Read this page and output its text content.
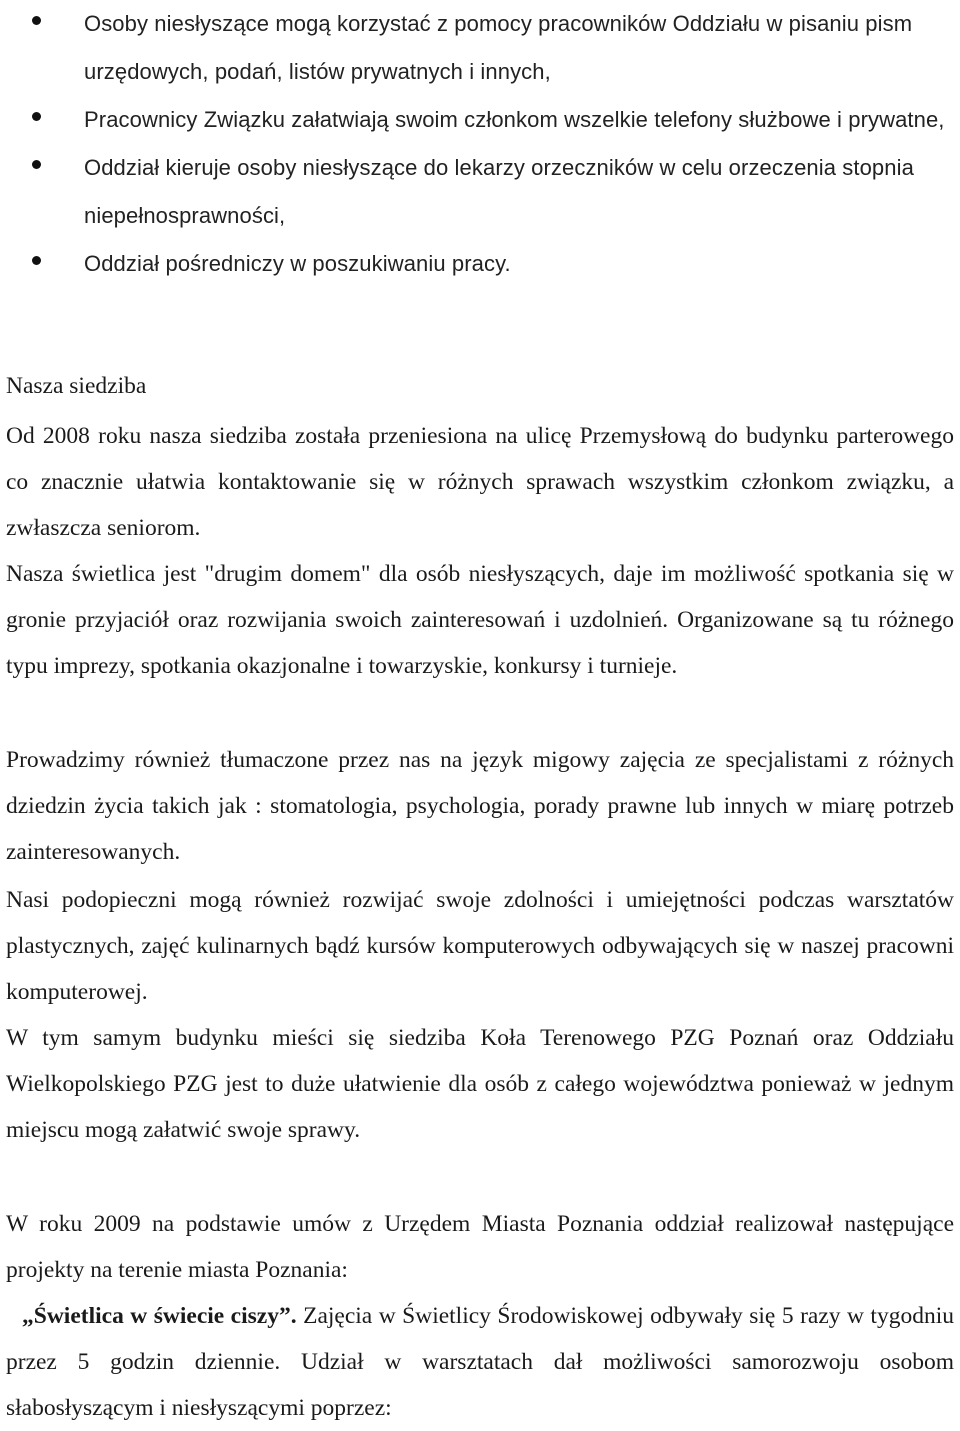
Osoby niesłyszące mogą korzystać z pomocy pracowników Oddziału w pisaniu pism urzędowych, podań, listów prywatnych i innych,
Pracownicy Związku załatwiają swoim członkom wszelkie telefony służbowe i prywatne,
Oddział kieruje osoby niesłyszące do lekarzy orzeczników w celu orzeczenia stopnia niepełnosprawności,
Oddział pośredniczy w poszukiwaniu pracy.

Nasza siedziba

Od 2008 roku nasza siedziba została przeniesiona na ulicę Przemysłową do budynku parterowego co znacznie ułatwia kontaktowanie się w różnych sprawach wszystkim członkom związku, a zwłaszcza seniorom.

Nasza świetlica jest "drugim domem" dla osób niesłyszących, daje im możliwość spotkania się w gronie przyjaciół oraz rozwijania swoich zainteresowań i uzdolnień. Organizowane są tu różnego typu imprezy, spotkania okazjonalne i towarzyskie, konkursy i turnieje.

Prowadzimy również tłumaczone przez nas na język migowy zajęcia ze specjalistami z różnych dziedzin życia takich jak : stomatologia, psychologia, porady prawne lub innych w miarę potrzeb zainteresowanych.

Nasi podopieczni mogą również rozwijać swoje zdolności i umiejętności podczas warsztatów plastycznych, zajęć kulinarnych bądź kursów komputerowych odbywających się w naszej pracowni komputerowej.

W tym samym budynku mieści się siedziba Koła Terenowego PZG Poznań oraz Oddziału Wielkopolskiego PZG jest to duże ułatwienie dla osób z całego województwa ponieważ w jednym miejscu mogą załatwić swoje sprawy.

W roku 2009 na podstawie umów z Urzędem Miasta Poznania oddział realizował następujące projekty na terenie miasta Poznania:

„Świetlica w świecie ciszy”. Zajęcia w Świetlicy Środowiskowej odbywały się 5 razy w tygodniu przez 5 godzin dziennie. Udział w warsztatach dał możliwości samorozwoju osobom słabosłyszącym i niesłyszącymi poprzez:
